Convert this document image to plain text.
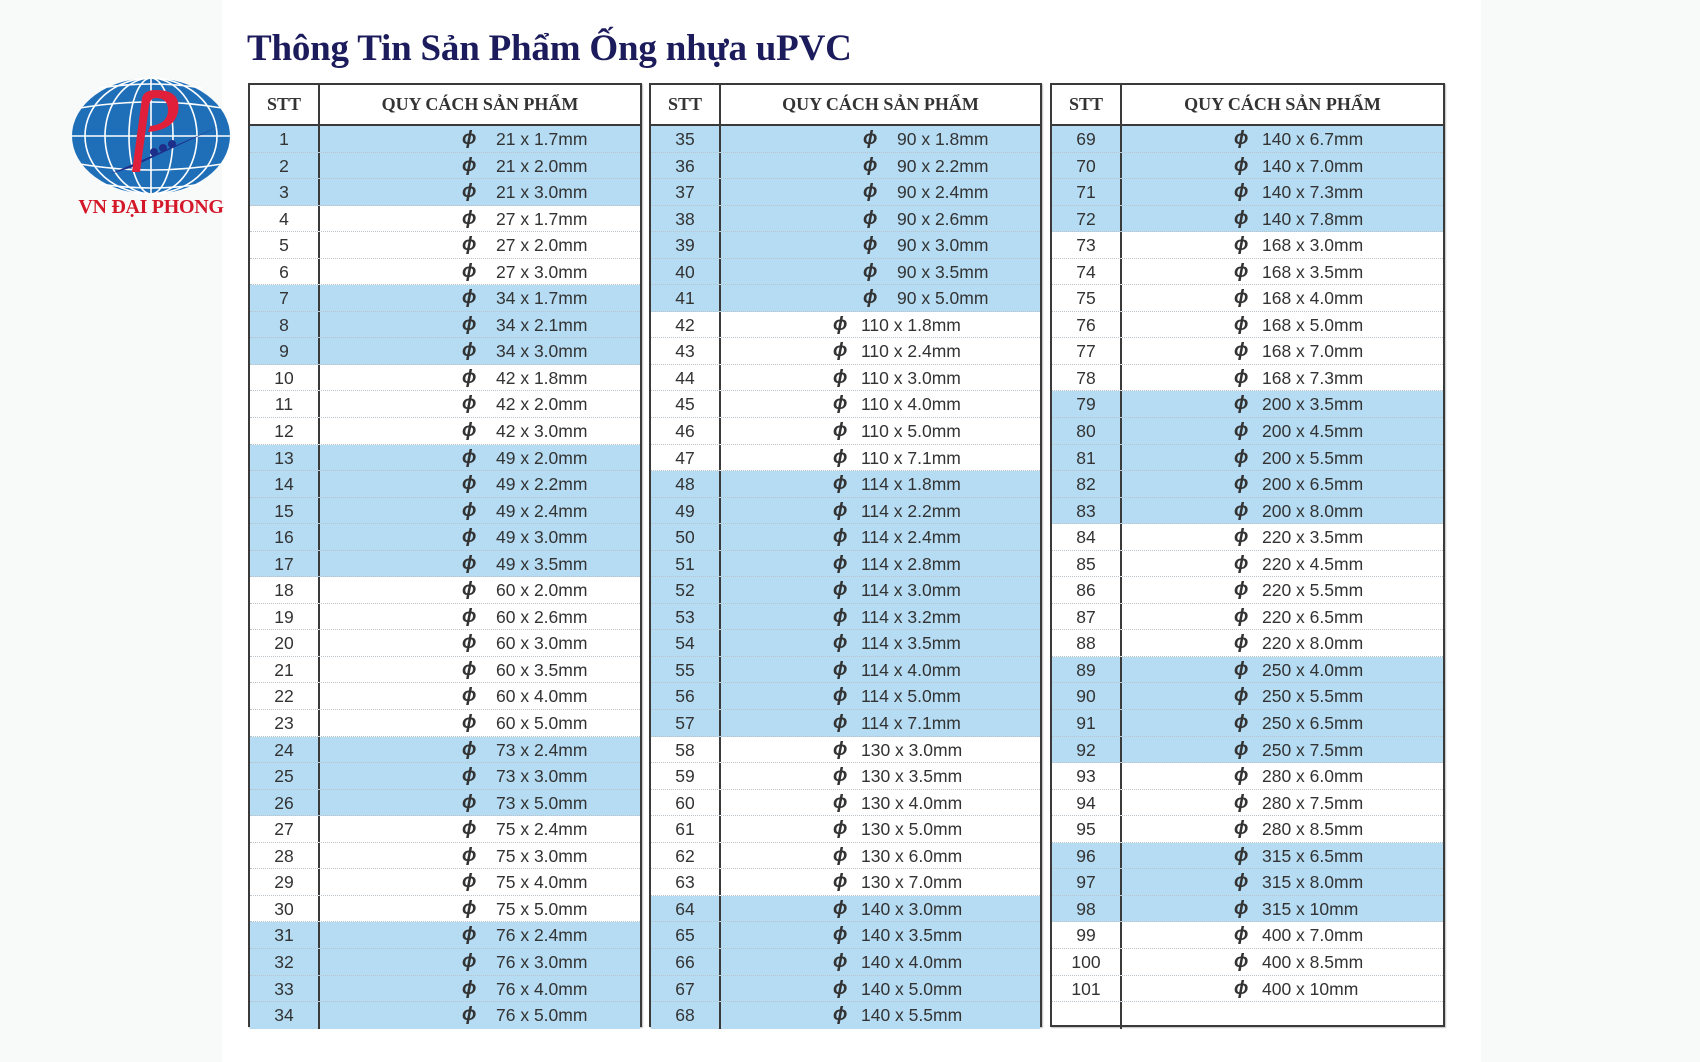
VN ĐẠI PHONG
Thông Tin Sản Phẩm Ống nhựa uPVC
STT	QUY CÁCH SẢN PHẨM
1	ϕ 21 x 1.7mm
2	ϕ 21 x 2.0mm
3	ϕ 21 x 3.0mm
4	ϕ 27 x 1.7mm
5	ϕ 27 x 2.0mm
6	ϕ 27 x 3.0mm
7	ϕ 34 x 1.7mm
8	ϕ 34 x 2.1mm
9	ϕ 34 x 3.0mm
10	ϕ 42 x 1.8mm
11	ϕ 42 x 2.0mm
12	ϕ 42 x 3.0mm
13	ϕ 49 x 2.0mm
14	ϕ 49 x 2.2mm
15	ϕ 49 x 2.4mm
16	ϕ 49 x 3.0mm
17	ϕ 49 x 3.5mm
18	ϕ 60 x 2.0mm
19	ϕ 60 x 2.6mm
20	ϕ 60 x 3.0mm
21	ϕ 60 x 3.5mm
22	ϕ 60 x 4.0mm
23	ϕ 60 x 5.0mm
24	ϕ 73 x 2.4mm
25	ϕ 73 x 3.0mm
26	ϕ 73 x 5.0mm
27	ϕ 75 x 2.4mm
28	ϕ 75 x 3.0mm
29	ϕ 75 x 4.0mm
30	ϕ 75 x 5.0mm
31	ϕ 76 x 2.4mm
32	ϕ 76 x 3.0mm
33	ϕ 76 x 4.0mm
34	ϕ 76 x 5.0mm
STT	QUY CÁCH SẢN PHẨM
35	ϕ 90 x 1.8mm
36	ϕ 90 x 2.2mm
37	ϕ 90 x 2.4mm
38	ϕ 90 x 2.6mm
39	ϕ 90 x 3.0mm
40	ϕ 90 x 3.5mm
41	ϕ 90 x 5.0mm
42	ϕ 110 x 1.8mm
43	ϕ 110 x 2.4mm
44	ϕ 110 x 3.0mm
45	ϕ 110 x 4.0mm
46	ϕ 110 x 5.0mm
47	ϕ 110 x 7.1mm
48	ϕ 114 x 1.8mm
49	ϕ 114 x 2.2mm
50	ϕ 114 x 2.4mm
51	ϕ 114 x 2.8mm
52	ϕ 114 x 3.0mm
53	ϕ 114 x 3.2mm
54	ϕ 114 x 3.5mm
55	ϕ 114 x 4.0mm
56	ϕ 114 x 5.0mm
57	ϕ 114 x 7.1mm
58	ϕ 130 x 3.0mm
59	ϕ 130 x 3.5mm
60	ϕ 130 x 4.0mm
61	ϕ 130 x 5.0mm
62	ϕ 130 x 6.0mm
63	ϕ 130 x 7.0mm
64	ϕ 140 x 3.0mm
65	ϕ 140 x 3.5mm
66	ϕ 140 x 4.0mm
67	ϕ 140 x 5.0mm
68	ϕ 140 x 5.5mm
STT	QUY CÁCH SẢN PHẨM
69	ϕ 140 x 6.7mm
70	ϕ 140 x 7.0mm
71	ϕ 140 x 7.3mm
72	ϕ 140 x 7.8mm
73	ϕ 168 x 3.0mm
74	ϕ 168 x 3.5mm
75	ϕ 168 x 4.0mm
76	ϕ 168 x 5.0mm
77	ϕ 168 x 7.0mm
78	ϕ 168 x 7.3mm
79	ϕ 200 x 3.5mm
80	ϕ 200 x 4.5mm
81	ϕ 200 x 5.5mm
82	ϕ 200 x 6.5mm
83	ϕ 200 x 8.0mm
84	ϕ 220 x 3.5mm
85	ϕ 220 x 4.5mm
86	ϕ 220 x 5.5mm
87	ϕ 220 x 6.5mm
88	ϕ 220 x 8.0mm
89	ϕ 250 x 4.0mm
90	ϕ 250 x 5.5mm
91	ϕ 250 x 6.5mm
92	ϕ 250 x 7.5mm
93	ϕ 280 x 6.0mm
94	ϕ 280 x 7.5mm
95	ϕ 280 x 8.5mm
96	ϕ 315 x 6.5mm
97	ϕ 315 x 8.0mm
98	ϕ 315 x 10mm
99	ϕ 400 x 7.0mm
100	ϕ 400 x 8.5mm
101	ϕ 400 x 10mm
